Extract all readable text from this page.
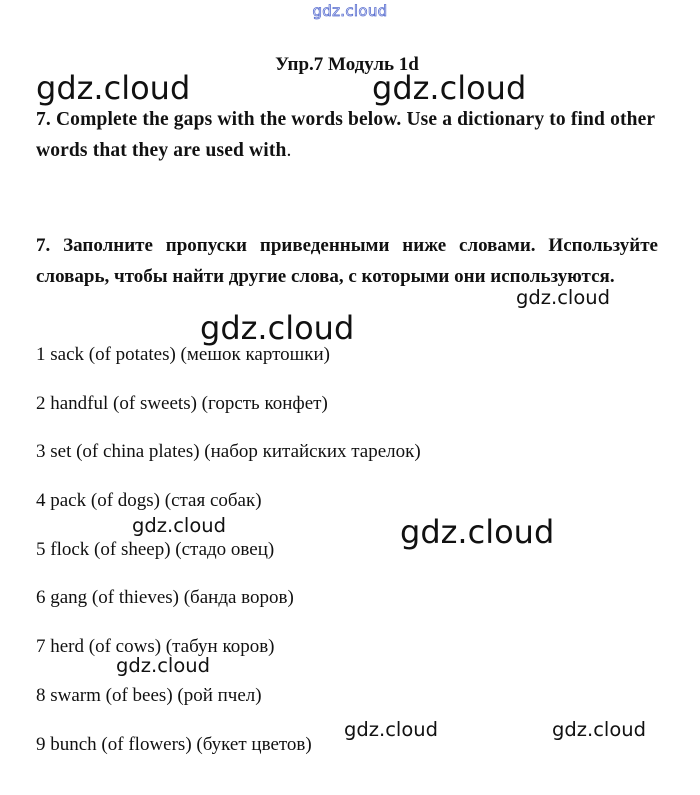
gdz.cloud
Упр.7 Модуль 1d
7. Complete the gaps with the words below. Use a dictionary to find other words that they are used with.
7. Заполните пропуски приведенными ниже словами. Используйте словарь, чтобы найти другие слова, с которыми они используются.
1 sack (of potates) (мешок картошки)
2 handful (of sweets) (горсть конфет)
3 set (of china plates) (набор китайских тарелок)
4 pack (of dogs) (стая собак)
5 flock (of sheep) (стадо овец)
6 gang (of thieves) (банда воров)
7 herd (of cows) (табун коров)
8 swarm (of bees) (рой пчел)
9 bunch (of flowers) (букет цветов)
gdz.cloud	gdz.cloud
gdz.cloud
gdz.cloud
gdz.cloud	gdz.cloud
gdz.cloud
gdz.cloud	gdz.cloud
